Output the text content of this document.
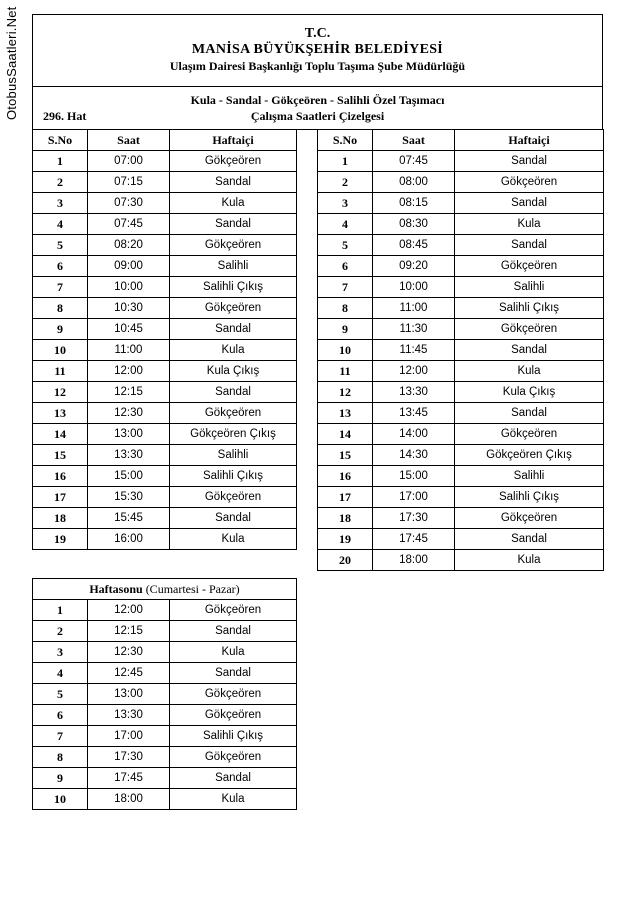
OtobusSaatleri.Net	T.C.
MANİSA BÜYÜKŞEHİR BELEDİYESİ
Ulaşım Dairesi Başkanlığı Toplu Taşıma Şube Müdürlüğü
Kula - Sandal - Gökçeören - Salihli Özel Taşımacı
Çalışma Saatleri Çizelgesi
296. Hat
S.No	Saat	Haftaiçi
1	07:00	Gökçeören
2	07:15	Sandal
3	07:30	Kula
4	07:45	Sandal
5	08:20	Gökçeören
6	09:00	Salihli
7	10:00	Salihli Çıkış
8	10:30	Gökçeören
9	10:45	Sandal
10	11:00	Kula
11	12:00	Kula Çıkış
12	12:15	Sandal
13	12:30	Gökçeören
14	13:00	Gökçeören Çıkış
15	13:30	Salihli
16	15:00	Salihli Çıkış
17	15:30	Gökçeören
18	15:45	Sandal
19	16:00	Kula
S.No	Saat	Haftaiçi
1	07:45	Sandal
2	08:00	Gökçeören
3	08:15	Sandal
4	08:30	Kula
5	08:45	Sandal
6	09:20	Gökçeören
7	10:00	Salihli
8	11:00	Salihli Çıkış
9	11:30	Gökçeören
10	11:45	Sandal
11	12:00	Kula
12	13:30	Kula Çıkış
13	13:45	Sandal
14	14:00	Gökçeören
15	14:30	Gökçeören Çıkış
16	15:00	Salihli
17	17:00	Salihli Çıkış
18	17:30	Gökçeören
19	17:45	Sandal
20	18:00	Kula
Haftasonu (Cumartesi - Pazar)		
1	12:00	Gökçeören
2	12:15	Sandal
3	12:30	Kula
4	12:45	Sandal
5	13:00	Gökçeören
6	13:30	Gökçeören
7	17:00	Salihli Çıkış
8	17:30	Gökçeören
9	17:45	Sandal
10	18:00	Kula
